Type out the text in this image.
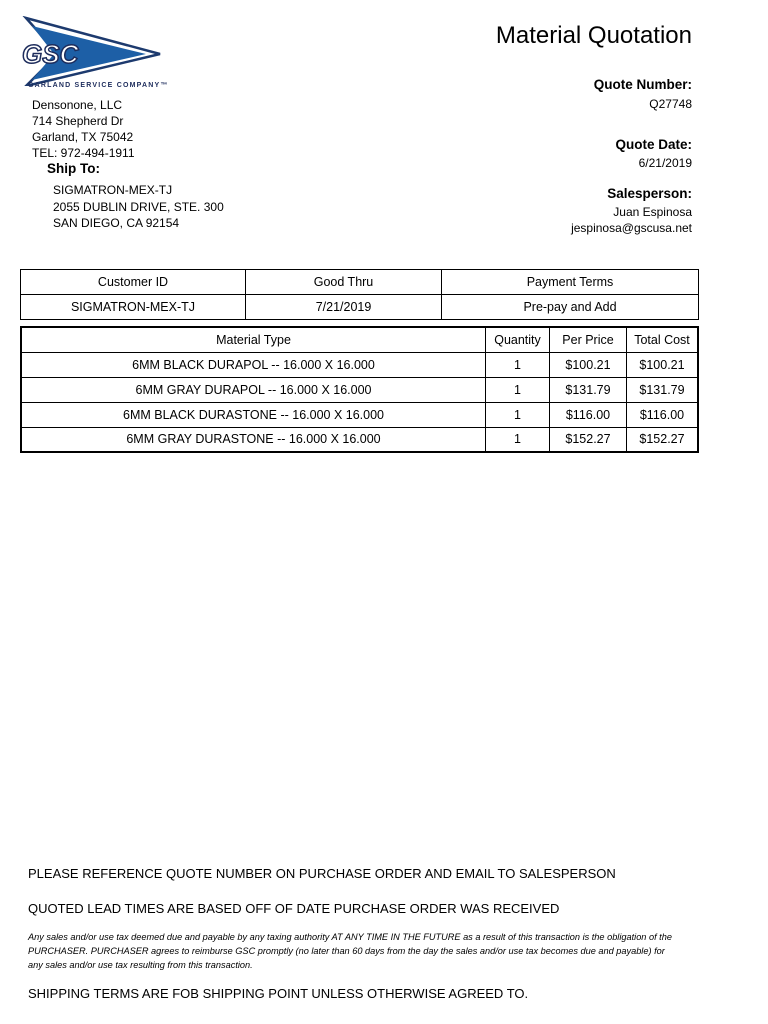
GSC
GARLAND SERVICE COMPANY™
Material Quotation
Densonone, LLC
714 Shepherd Dr
Garland, TX 75042
TEL: 972-494-1911
Ship To:
SIGMATRON-MEX-TJ
2055 DUBLIN DRIVE, STE. 300
SAN DIEGO, CA 92154
Quote Number:
Q27748
Quote Date:
6/21/2019
Salesperson:
Juan Espinosa
jespinosa@gscusa.net
Customer ID	Good Thru	Payment Terms
SIGMATRON-MEX-TJ	7/21/2019	Pre-pay and Add
Material Type	Quantity	Per Price	Total Cost
6MM BLACK DURAPOL -- 16.000 X 16.000	1	$100.21	$100.21
6MM GRAY DURAPOL -- 16.000 X 16.000	1	$131.79	$131.79
6MM BLACK DURASTONE -- 16.000 X 16.000	1	$116.00	$116.00
6MM GRAY DURASTONE -- 16.000 X 16.000	1	$152.27	$152.27
PLEASE REFERENCE QUOTE NUMBER ON PURCHASE ORDER AND EMAIL TO SALESPERSON
QUOTED LEAD TIMES ARE BASED OFF OF DATE PURCHASE ORDER WAS RECEIVED
Any sales and/or use tax deemed due and payable by any taxing authority AT ANY TIME IN THE FUTURE as a result of this transaction is the obligation of the PURCHASER. PURCHASER agrees to reimburse GSC promptly (no later than 60 days from the day the sales and/or use tax becomes due and payable) for any sales and/or use tax resulting from this transaction.
SHIPPING TERMS ARE FOB SHIPPING POINT UNLESS OTHERWISE AGREED TO.
